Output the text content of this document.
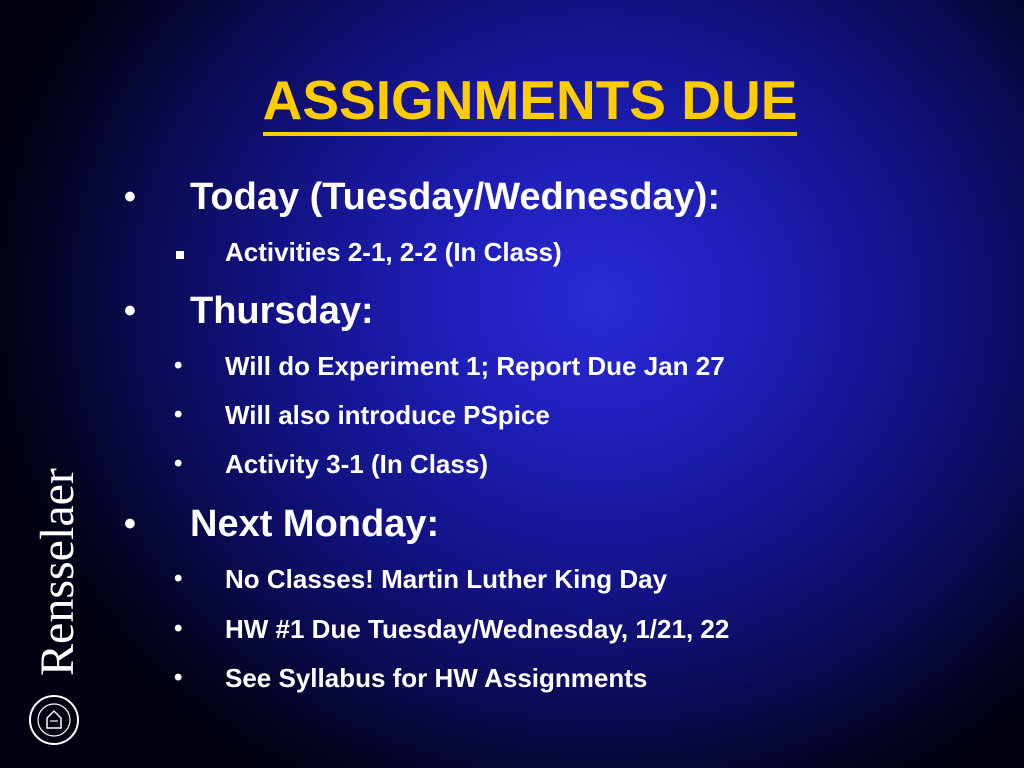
ASSIGNMENTS DUE
• Today (Tuesday/Wednesday):
Activities 2-1, 2-2 (In Class)
• Thursday:
• Will do Experiment 1; Report Due Jan 27
• Will also introduce PSpice
• Activity 3-1 (In Class)
• Next Monday:
• No Classes! Martin Luther King Day
• HW #1 Due Tuesday/Wednesday, 1/21, 22
• See Syllabus for HW Assignments
Rensselaer
